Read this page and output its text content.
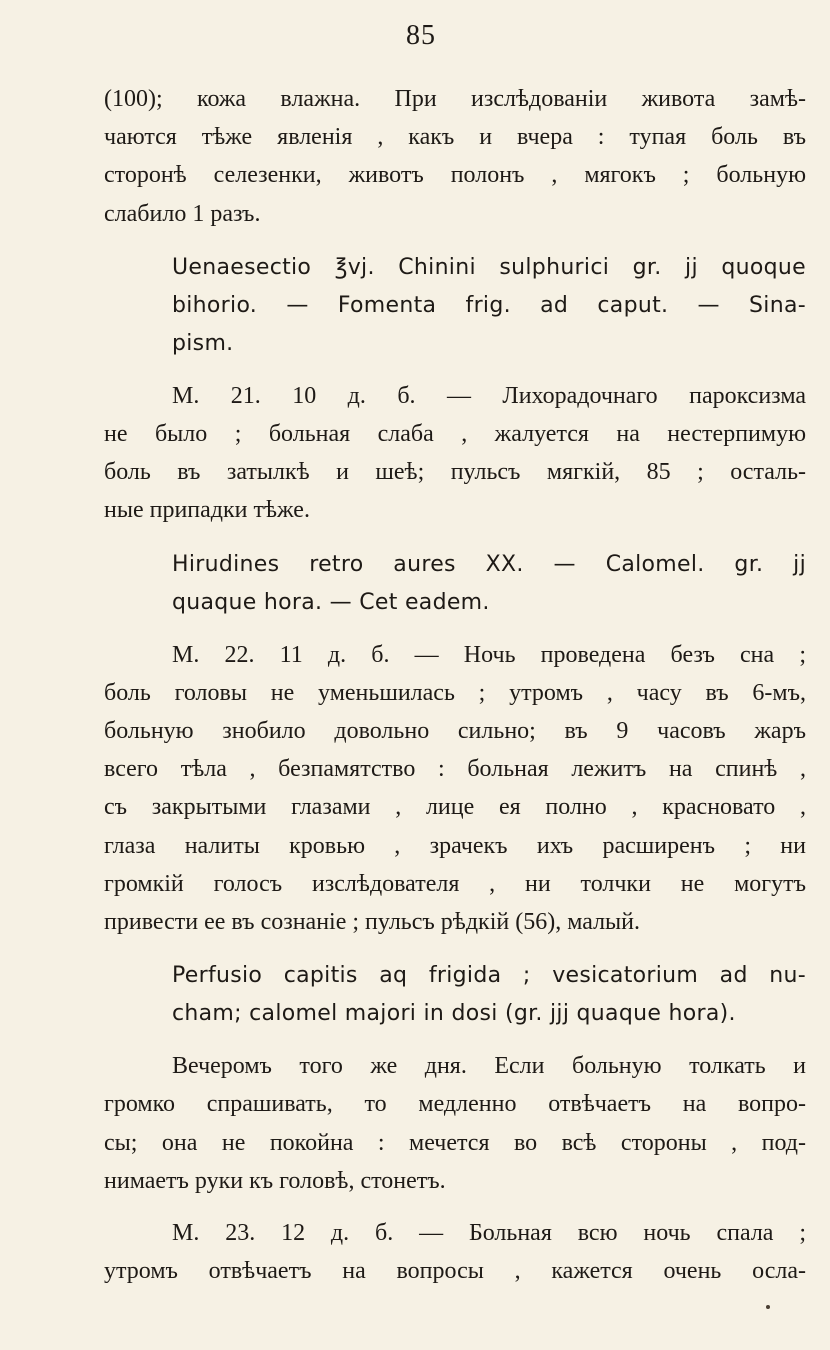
85
(100); кожа влажна. При изслѣдованіи живота замѣ-
чаются тѣже явленія , какъ и вчера : тупая боль въ
сторонѣ селезенки, животъ полонъ , мягокъ ; больную
слабило 1 разъ.
Uenaesectio ℥vj. Chinini sulphurici gr. jj quoque
bihorio. — Fomenta frig. ad caput. — Sina-
pism.
М. 21. 10 д. б. — Лихорадочнаго пароксизма
не было ; больная слаба , жалуется на нестерпимую
боль въ затылкѣ и шеѣ; пульсъ мягкій, 85 ; осталь-
ные припадки тѣже.
Hirudines retro aures XX. — Calomel. gr. jj
quaque hora. — Cet eadem.
М. 22. 11 д. б. — Ночь проведена безъ сна ;
боль головы не уменьшилась ; утромъ , часу въ 6-мъ,
больную знобило довольно сильно; въ 9 часовъ жаръ
всего тѣла , безпамятство : больная лежитъ на спинѣ ,
съ закрытыми глазами , лице ея полно , красновато ,
глаза налиты кровью , зрачекъ ихъ расширенъ ; ни
громкій голосъ изслѣдователя , ни толчки не могутъ
привести ее въ сознаніе ; пульсъ рѣдкій (56), малый.
Perfusio capitis aq frigida ; vesicatorium ad nu-
cham; calomel majori in dosi (gr. jjj quaque hora).
Вечеромъ того же дня. Если больную толкать и
громко спрашивать, то медленно отвѣчаетъ на вопро-
сы; она не покойна : мечется во всѣ стороны , под-
нимаетъ руки къ головѣ, стонетъ.
М. 23. 12 д. б. — Больная всю ночь спала ;
утромъ отвѣчаетъ на вопросы , кажется очень осла-
